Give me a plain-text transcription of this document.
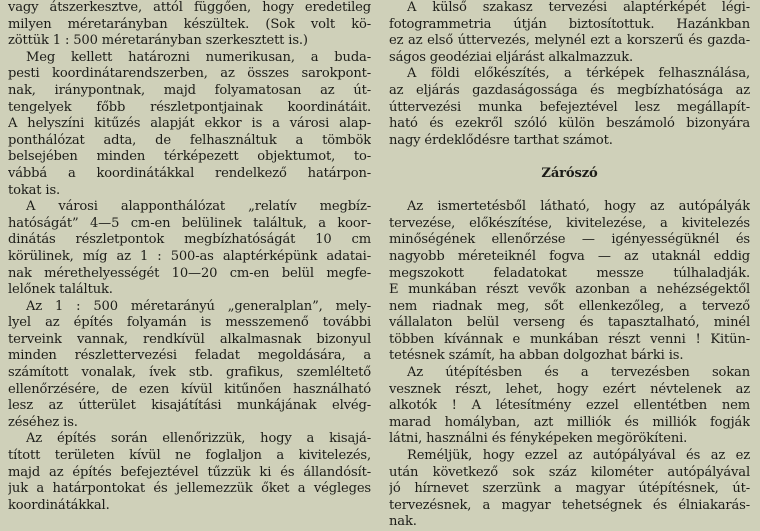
vagy átszerkesztve, attól függően, hogy eredetileg
milyen méretarányban készültek. (Sok volt kö-
zöttük 1 : 500 méretarányban szerkesztett is.)
Meg kellett határozni numerikusan, a buda-
pesti koordinátarendszerben, az összes sarokpont-
nak, iránypontnak, majd folyamatosan az út-
tengelyek főbb részletpontjainak koordinátáit.
A helyszíni kitűzés alapját ekkor is a városi alap-
ponthálózat adta, de felhasználtuk a tömbök
belsejében minden térképezett objektumot, to-
vábbá a koordinátákkal rendelkező határpon-
tokat is.
A városi alapponthálózat „relatív megbíz-
hatóságát” 4—5 cm-en belülinek találtuk, a koor-
dinátás részletpontok megbízhatóságát 10 cm
körülinek, míg az 1 : 500-as alaptérképünk adatai-
nak mérethelyességét 10—20 cm-en belül megfe-
lelőnek találtuk.
Az 1 : 500 méretarányú „generalplan”, mely-
lyel az építés folyamán is messzemenő további
terveink vannak, rendkívül alkalmasnak bizonyul
minden részlettervezési feladat megoldására, a
számított vonalak, ívek stb. grafikus, szemléltető
ellenőrzésére, de ezen kívül kitűnően használható
lesz az útterület kisajátítási munkájának elvég-
zéséhez is.
Az építés során ellenőrizzük, hogy a kisajá-
tított területen kívül ne foglaljon a kivitelezés,
majd az építés befejeztével tűzzük ki és állandósít-
juk a határpontokat és jellemezzük őket a végleges
koordinátákkal.
A külső szakasz tervezési alaptérképét légi-
fotogrammetria útján biztosítottuk. Hazánkban
ez az első úttervezés, melynél ezt a korszerű és gazda-
ságos geodéziai eljárást alkalmazzuk.
A földi előkészítés, a térképek felhasználása,
az eljárás gazdaságossága és megbízhatósága az
úttervezési munka befejeztével lesz megállapít-
ható és ezekről szóló külön beszámoló bizonyára
nagy érdeklődésre tarthat számot.
Zárószó
Az ismertetésből látható, hogy az autópályák
tervezése, előkészítése, kivitelezése, a kivitelezés
minőségének ellenőrzése — igényességüknél és
nagyobb méreteiknél fogva — az utaknál eddig
megszokott feladatokat messze túlhaladják.
E munkában részt vevők azonban a nehézségektől
nem riadnak meg, sőt ellenkezőleg, a tervező
vállalaton belül verseng és tapasztalható, minél
többen kívánnak e munkában részt venni ! Kitün-
tetésnek számít, ha abban dolgozhat bárki is.
Az útépítésben és a tervezésben sokan
vesznek részt, lehet, hogy ezért névtelenek az
alkotók ! A létesítmény ezzel ellentétben nem
marad homályban, azt milliók és milliók fogják
látni, használni és fényképeken megörökíteni.
Reméljük, hogy ezzel az autópályával és az ez
után következő sok száz kilométer autópályával
jó hírnevet szerzünk a magyar útépítésnek, út-
tervezésnek, a magyar tehetségnek és élniakarás-
nak.
